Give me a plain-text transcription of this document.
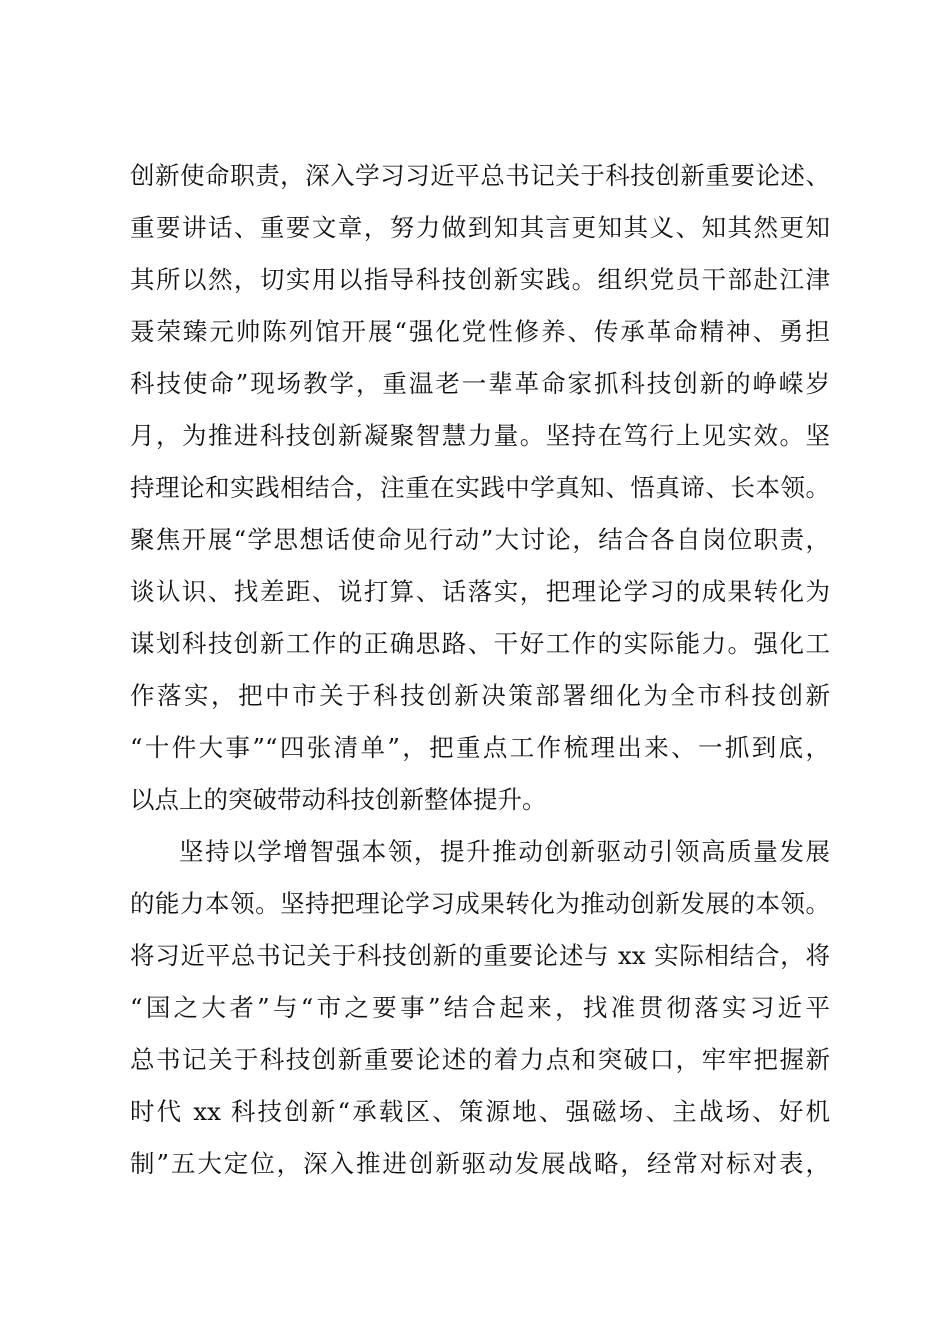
创新使命职责，深入学习习近平总书记关于科技创新重要论述、
重要讲话、重要文章，努力做到知其言更知其义、知其然更知
其所以然，切实用以指导科技创新实践。组织党员干部赴江津
聂荣臻元帅陈列馆开展“强化党性修养、传承革命精神、勇担
科技使命”现场教学，重温老一辈革命家抓科技创新的峥嵘岁
月，为推进科技创新凝聚智慧力量。坚持在笃行上见实效。坚
持理论和实践相结合，注重在实践中学真知、悟真谛、长本领。
聚焦开展“学思想话使命见行动”大讨论，结合各自岗位职责，
谈认识、找差距、说打算、话落实，把理论学习的成果转化为
谋划科技创新工作的正确思路、干好工作的实际能力。强化工
作落实，把中市关于科技创新决策部署细化为全市科技创新
“十件大事”“四张清单”，把重点工作梳理出来、一抓到底，
以点上的突破带动科技创新整体提升。
坚持以学增智强本领，提升推动创新驱动引领高质量发展
的能力本领。坚持把理论学习成果转化为推动创新发展的本领。
将习近平总书记关于科技创新的重要论述与 xx 实际相结合，将
“国之大者”与“市之要事”结合起来，找准贯彻落实习近平
总书记关于科技创新重要论述的着力点和突破口，牢牢把握新
时代 xx 科技创新“承载区、策源地、强磁场、主战场、好机
制”五大定位，深入推进创新驱动发展战略，经常对标对表，
